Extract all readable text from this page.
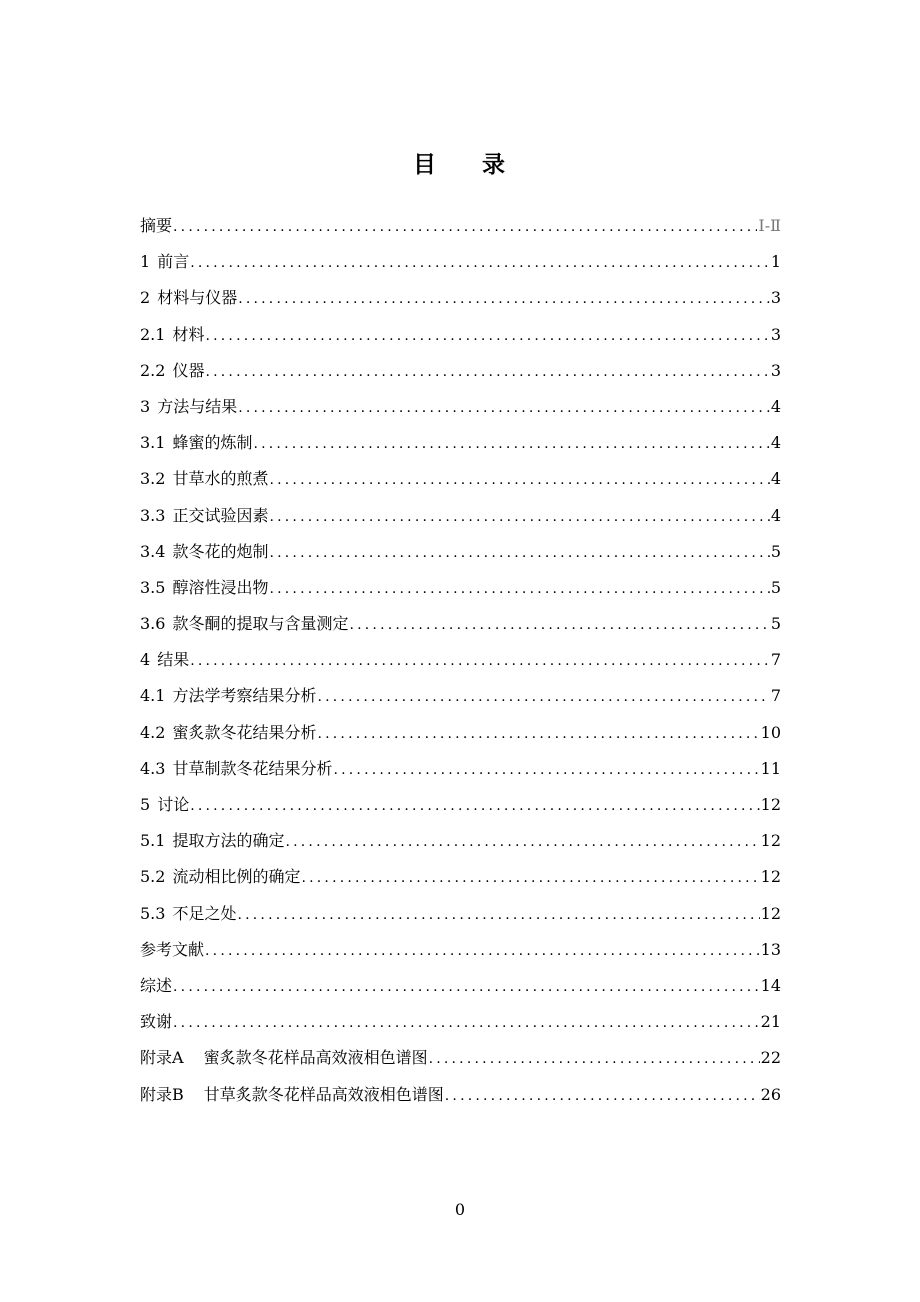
目 录
摘要 .....	Ⅰ-Ⅱ
1 前言 .....	1
2 材料与仪器 .....	3
2.1 材料 .....	3
2.2 仪器 .....	3
3 方法与结果 .....	4
3.1 蜂蜜的炼制 .....	4
3.2 甘草水的煎煮 .....	4
3.3 正交试验因素 .....	4
3.4 款冬花的炮制 .....	5
3.5 醇溶性浸出物 .....	5
3.6 款冬酮的提取与含量测定 .....	5
4 结果 .....	7
4.1 方法学考察结果分析 .....	7
4.2 蜜炙款冬花结果分析 .....	10
4.3 甘草制款冬花结果分析 .....	11
5 讨论 .....	12
5.1 提取方法的确定 .....	12
5.2 流动相比例的确定 .....	12
5.3 不足之处 .....	12
参考文献 .....	13
综述 .....	14
致谢 .....	21
附录A	蜜炙款冬花样品高效液相色谱图 .....	22
附录B	甘草炙款冬花样品高效液相色谱图 .....	26
0
